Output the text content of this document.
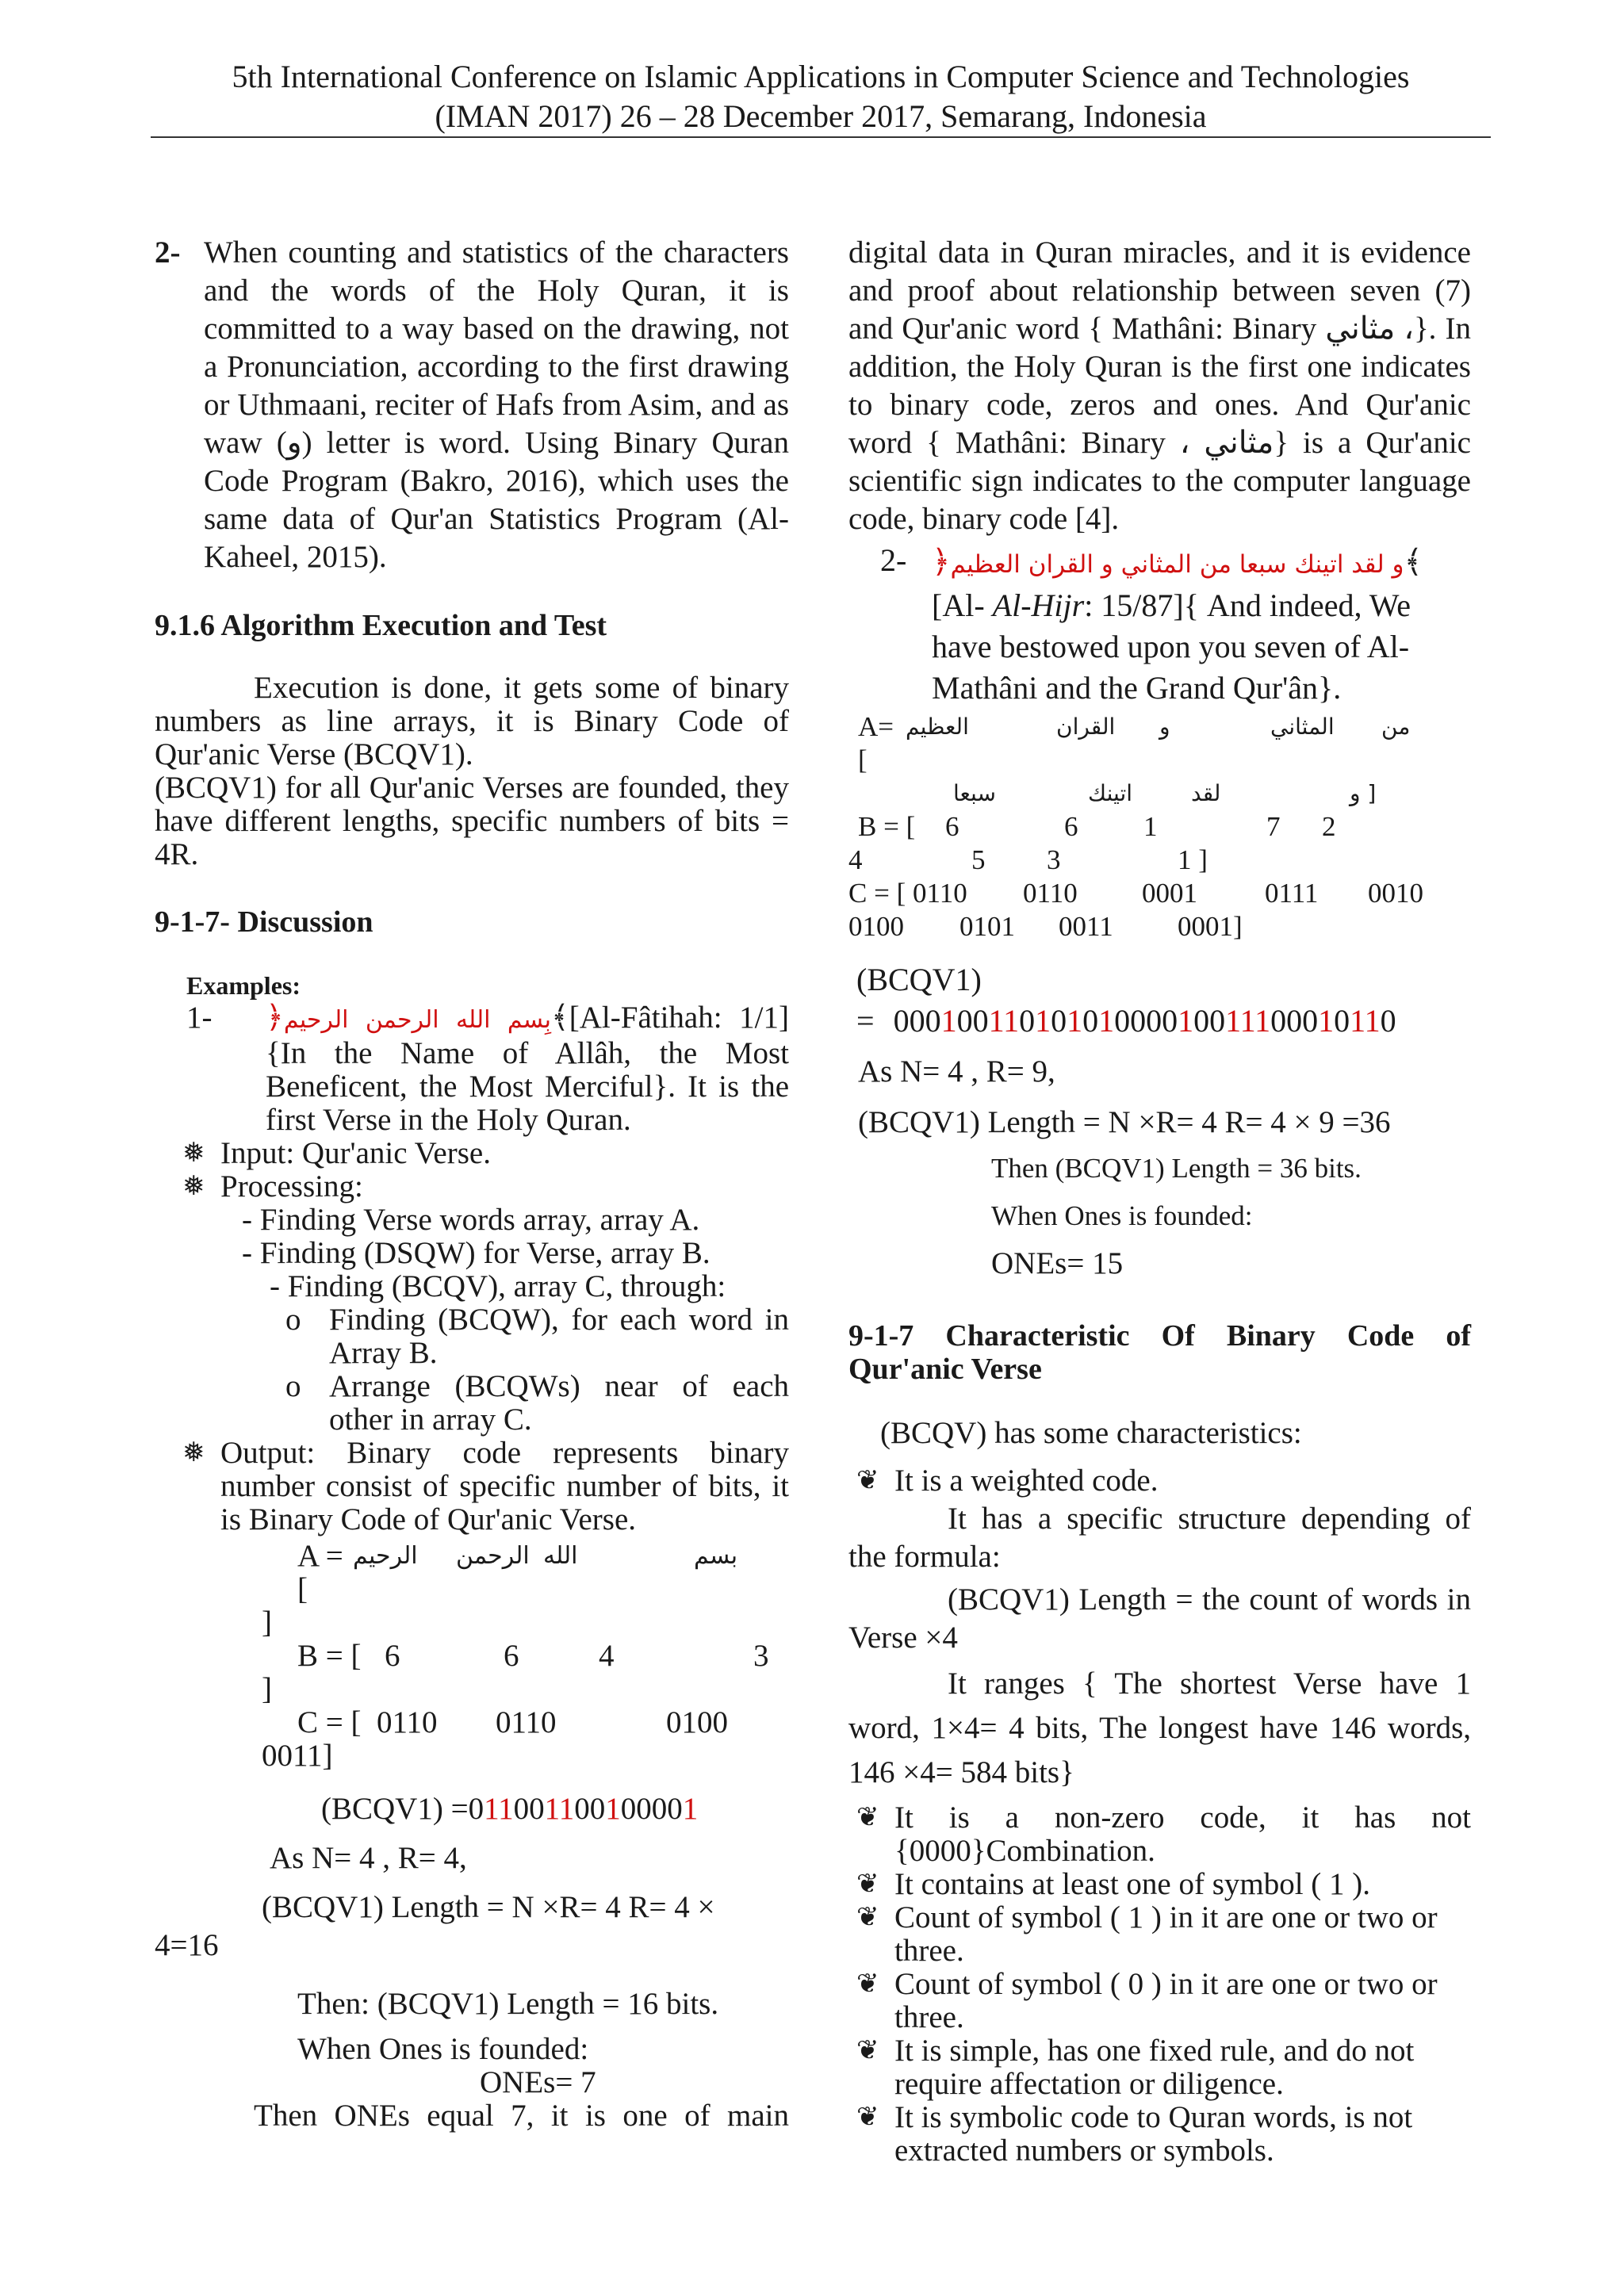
5th International Conference on Islamic Applications in Computer Science and Technologies
(IMAN 2017) 26 – 28 December 2017, Semarang, Indonesia
2- When counting and statistics of the characters and the words of the Holy Quran, it is committed to a way based on the drawing, not a Pronunciation, according to the first drawing or Uthmaani, reciter of Hafs from Asim, and as waw (و) letter is word. Using Binary Quran Code Program (Bakro, 2016), which uses the same data of Qur'an Statistics Program (Al-Kaheel, 2015).
9.1.6 Algorithm Execution and Test
Execution is done, it gets some of binary numbers as line arrays, it is Binary Code of Qur'anic Verse (BCQV1).
(BCQV1) for all Qur'anic Verses are founded, they have different lengths, specific numbers of bits = 4R.
9-1-7- Discussion
Examples:
1-	﴿بِسم الله الرحمن الرحيم﴾[Al-Fâtihah: 1/1]{In the Name of Allâh, the Most Beneficent, the Most Merciful}. It is the first Verse in the Holy Quran.
❅ Input: Qur'anic Verse.
❅ Processing:
- Finding Verse words array, array A.
- Finding (DSQW) for Verse, array B.
- Finding (BCQV), array C, through:
o Finding (BCQW), for each word in Array B.
o Arrange (BCQWs) near of each other in array C.
❅ Output: Binary code represents binary number consist of specific number of bits, it is Binary Code of Qur'anic Verse.
A = [
الرحيم	الرحمن الله	بسم
]
B = [ 6	6	4	3
]
C = [ 0110	0110	0100
0011]
(BCQV1) =011001100100001
As N= 4 , R= 4,
(BCQV1) Length = N ×R= 4 R= 4 ×
4=16
Then: (BCQV1) Length = 16 bits.
When Ones is founded:
ONEs= 7
Then ONEs equal 7, it is one of main
digital data in Quran miracles, and it is evidence and proof about relationship between seven (7) and Qur'anic word { Mathâni: Binary مثاني ،}. In addition, the Holy Quran is the first one indicates to binary code, zeros and ones. And Qur'anic word { Mathâni: Binary ، مثاني} is a Qur'anic scientific sign indicates to the computer language code, binary code [4].
2- ﴿و لقد اتينك سبعا من المثاني و القران العظيم﴾
[Al- Al-Hijr: 15/87]{ And indeed, We have bestowed upon you seven of Al-Mathâni and the Grand Qur'ân}.
A= [
العظيم	القران	و	المثاني	من
سبعا	اتينك	لقد	و ]
B = [	6	6	1	7	2
4	5	3	1 ]
C = [ 0110	0110	0001	0111	0010
0100	0101	0011	0001]
(BCQV1)
= 00010011010101000010011100010110
As N= 4 , R= 9,
(BCQV1) Length = N ×R= 4 R= 4 × 9 =36
Then (BCQV1) Length = 36 bits.
When Ones is founded:
ONEs= 15
9-1-7 Characteristic Of Binary Code of Qur'anic Verse
(BCQV) has some characteristics:
❦ It is a weighted code.
It has a specific structure depending of the formula:
(BCQV1) Length = the count of words in Verse ×4
It ranges { The shortest Verse have 1 word, 1×4= 4 bits, The longest have 146 words, 146 ×4= 584 bits}
❦ It is a non-zero code, it has not {0000}Combination.
❦ It contains at least one of symbol ( 1 ).
❦ Count of symbol ( 1 ) in it are one or two or three.
❦ Count of symbol ( 0 ) in it are one or two or three.
❦ It is simple, has one fixed rule, and do not require affectation or diligence.
❦ It is symbolic code to Quran words, is not extracted numbers or symbols.
